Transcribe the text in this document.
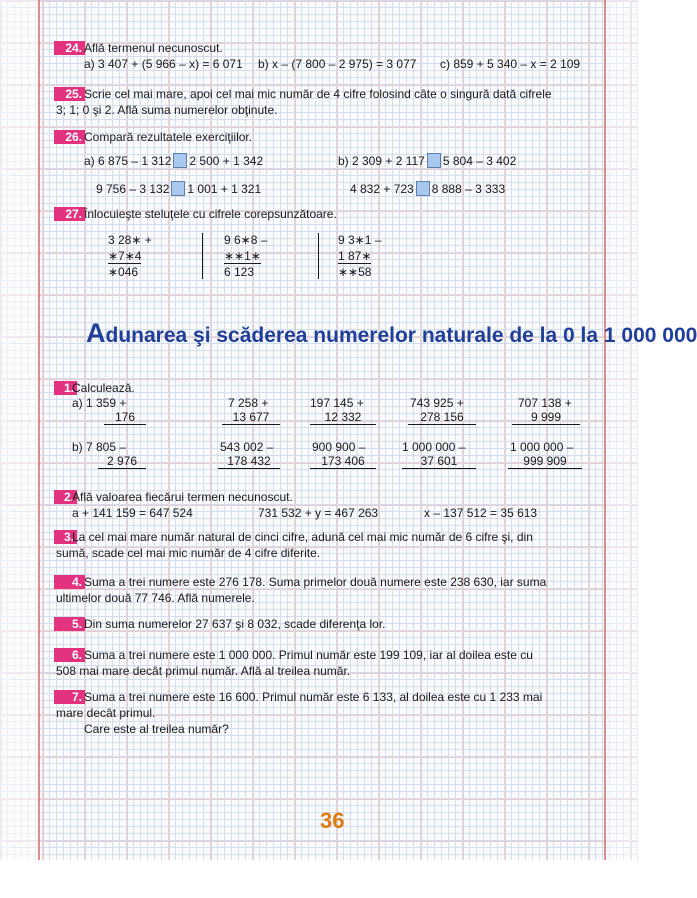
24. Află termenul necunoscut.
a) 3 407 + (5 966 – x) = 6 071 b) x – (7 800 – 2 975) = 3 077 c) 859 + 5 340 – x = 2 109
25. Scrie cel mai mare, apoi cel mai mic număr de 4 cifre folosind câte o singură dată cifrele
3; 1; 0 şi 2. Află suma numerelor obţinute.
26. Compară rezultatele exerciţiilor.
a) 6 875 – 1 312 2 500 + 1 342	b) 2 309 + 2 117 5 804 – 3 402
9 756 – 3 132 1 001 + 1 321	4 832 + 723 8 888 – 3 333
27. Înlocuieşte steluţele cu cifrele corepsunzătoare.
3 28∗ +
∗7∗4
∗046
9 6∗8 –
∗∗1∗
6 123
9 3∗1 –
1 87∗
∗∗58
Adunarea şi scăderea numerelor naturale de la 0 la 1 000 000
1.
Calculează.
a) 1 359 +
176
7 258 +
13 677
197 145 +
12 332
743 925 +
278 156
707 138 +
9 999
b) 7 805 –
2 976
543 002 –
178 432
900 900 –
173 406
1 000 000 –
37 601
1 000 000 –
999 909
2.
Află valoarea fiecărui termen necunoscut.
a + 141 159 = 647 524	731 532 + y = 467 263	x – 137 512 = 35 613
3.
La cel mai mare număr natural de cinci cifre, adună cel mai mic număr de 6 cifre şi, din
sumă, scade cel mai mic număr de 4 cifre diferite.
4. Suma a trei numere este 276 178. Suma primelor două numere este 238 630, iar suma
ultimelor două 77 746. Află numerele.
5. Din suma numerelor 27 637 şi 8 032, scade diferenţa lor.
6. Suma a trei numere este 1 000 000. Primul număr este 199 109, iar al doilea este cu
508 mai mare decât primul număr. Află al treilea număr.
7. Suma a trei numere este 16 600. Primul număr este 6 133, al doilea este cu 1 233 mai
mare decât primul.
Care este al treilea număr?
36
